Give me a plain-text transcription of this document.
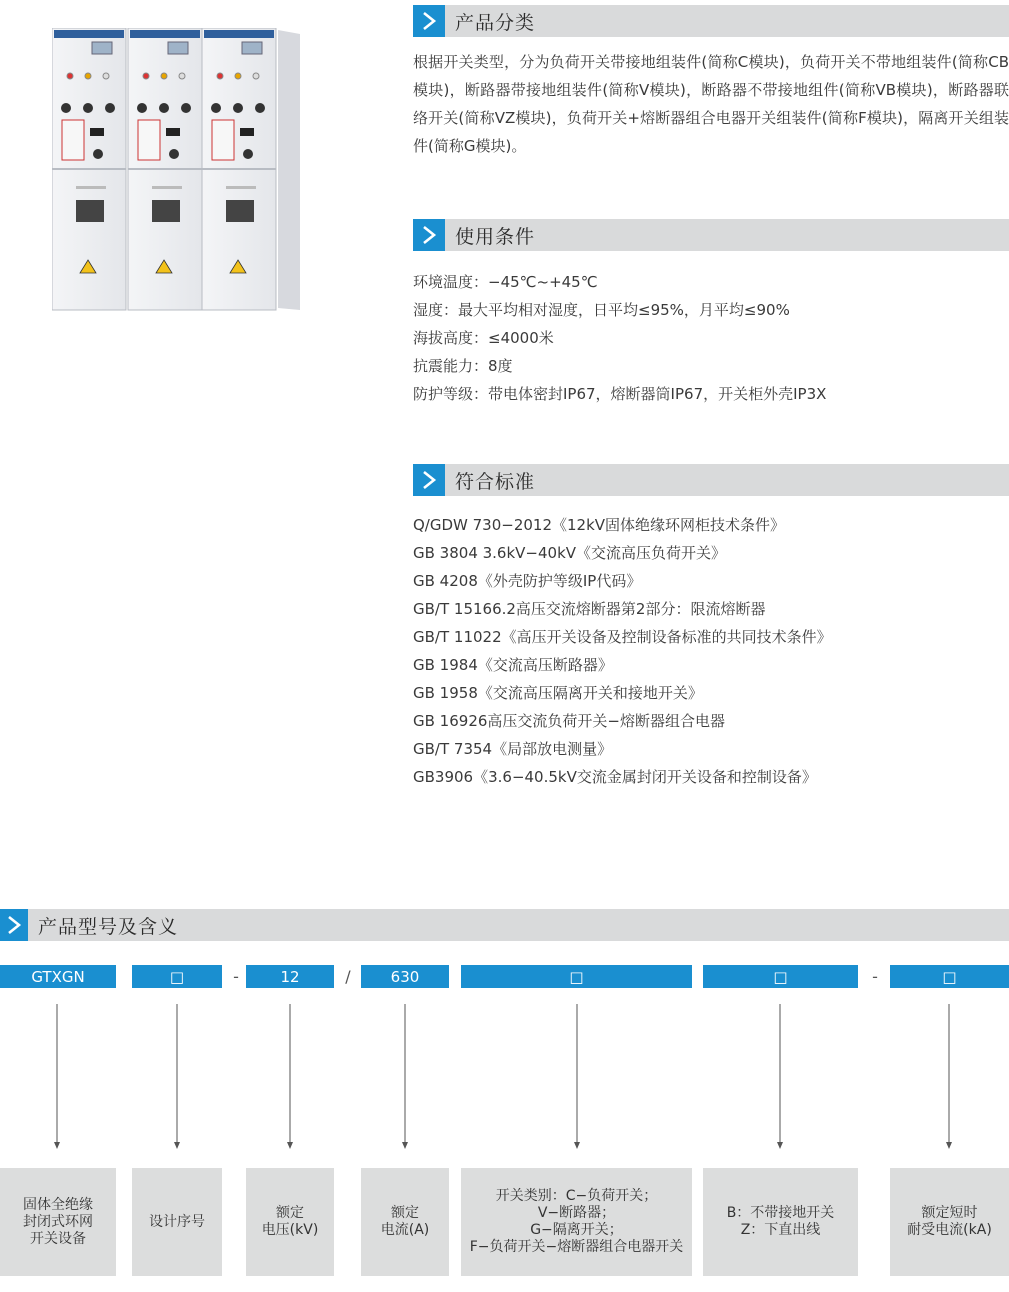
产品分类

根据开关类型，分为负荷开关带接地组装件(简称C模块)，负荷开关不带地组装件(简称CB模块)，断路器带接地组装件(简称V模块)，断路器不带接地组件(简称VB模块)，断路器联络开关(简称VZ模块)，负荷开关+熔断器组合电器开关组装件(简称F模块)，隔离开关组装件(简称G模块)。

使用条件
环境温度：−45℃~+45℃
湿度：最大平均相对湿度，日平均≤95%，月平均≤90%
海拔高度：≤4000米
抗震能力：8度
防护等级：带电体密封IP67，熔断器筒IP67，开关柜外壳IP3X
符合标准
Q/GDW 730−2012《12kV固体绝缘环网柜技术条件》
GB 3804 3.6kV−40kV《交流高压负荷开关》
GB 4208《外壳防护等级IP代码》
GB/T 15166.2高压交流熔断器第2部分：限流熔断器
GB/T 11022《高压开关设备及控制设备标准的共同技术条件》
GB 1984《交流高压断路器》
GB 1958《交流高压隔离开关和接地开关》
GB 16926高压交流负荷开关−熔断器组合电器
GB/T 7354《局部放电测量》
GB3906《3.6−40.5kV交流金属封闭开关设备和控制设备》
产品型号及含义
GTXGN	□	-	12	/	630	□	□	-	□
固体全绝缘
封闭式环网
开关设备
设计序号
额定
电压(kV)
额定
电流(A)
开关类别：C−负荷开关；
V−断路器；
G−隔离开关；
F−负荷开关−熔断器组合电器开关
B：不带接地开关
Z：下直出线
额定短时
耐受电流(kA)
